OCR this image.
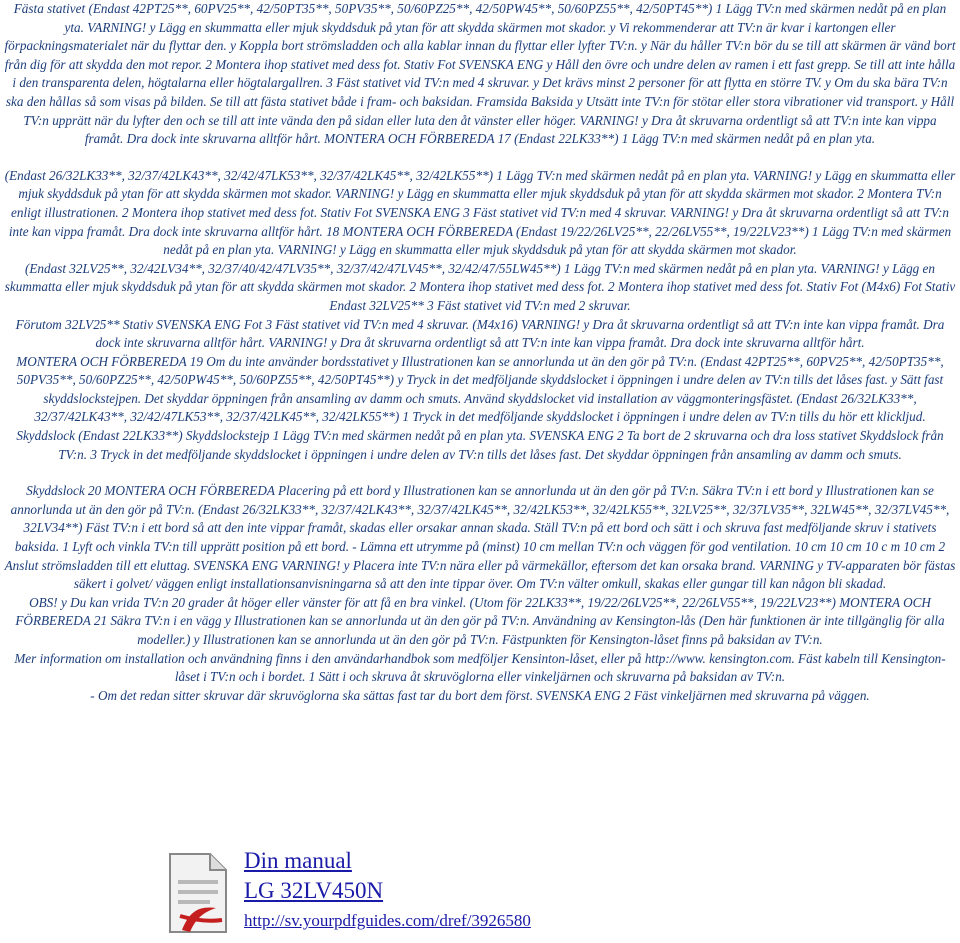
Fästa stativet (Endast 42PT25**, 60PV25**, 42/50PT35**, 50PV35**, 50/60PZ25**, 42/50PW45**, 50/60PZ55**, 42/50PT45**) 1 Lägg TV:n med skärmen nedåt på en plan yta. VARNING! y Lägg en skummatta eller mjuk skyddsduk på ytan för att skydda skärmen mot skador. y Vi rekommenderar att TV:n är kvar i kartongen eller förpackningsmaterialet när du flyttar den. y Koppla bort strömsladden och alla kablar innan du flyttar eller lyfter TV:n. y När du håller TV:n bör du se till att skärmen är vänd bort från dig för att skydda den mot repor. 2 Montera ihop stativet med dess fot. Stativ Fot SVENSKA ENG y Håll den övre och undre delen av ramen i ett fast grepp. Se till att inte hålla i den transparenta delen, högtalarna eller högtalargallren. 3 Fäst stativet vid TV:n med 4 skruvar. y Det krävs minst 2 personer för att flytta en större TV. y Om du ska bära TV:n ska den hållas så som visas på bilden. Se till att fästa stativet både i fram- och baksidan. Framsida Baksida y Utsätt inte TV:n för stötar eller stora vibrationer vid transport. y Håll TV:n upprätt när du lyfter den och se till att inte vända den på sidan eller luta den åt vänster eller höger. VARNING! y Dra åt skruvarna ordentligt så att TV:n inte kan vippa framåt. Dra dock inte skruvarna alltför hårt. MONTERA OCH FÖRBEREDA 17 (Endast 22LK33**) 1 Lägg TV:n med skärmen nedåt på en plan yta.

(Endast 26/32LK33**, 32/37/42LK43**, 32/42/47LK53**, 32/37/42LK45**, 32/42LK55**) 1 Lägg TV:n med skärmen nedåt på en plan yta. VARNING! y Lägg en skummatta eller mjuk skyddsduk på ytan för att skydda skärmen mot skador. VARNING! y Lägg en skummatta eller mjuk skyddsduk på ytan för att skydda skärmen mot skador. 2 Montera TV:n enligt illustrationen. 2 Montera ihop stativet med dess fot. Stativ Fot SVENSKA ENG 3 Fäst stativet vid TV:n med 4 skruvar. VARNING! y Dra åt skruvarna ordentligt så att TV:n inte kan vippa framåt. Dra dock inte skruvarna alltför hårt. 18 MONTERA OCH FÖRBEREDA (Endast 19/22/26LV25**, 22/26LV55**, 19/22LV23**) 1 Lägg TV:n med skärmen nedåt på en plan yta. VARNING! y Lägg en skummatta eller mjuk skyddsduk på ytan för att skydda skärmen mot skador.

(Endast 32LV25**, 32/42LV34**, 32/37/40/42/47LV35**, 32/37/42/47LV45**, 32/42/47/55LW45**) 1 Lägg TV:n med skärmen nedåt på en plan yta. VARNING! y Lägg en skummatta eller mjuk skyddsduk på ytan för att skydda skärmen mot skador. 2 Montera ihop stativet med dess fot. 2 Montera ihop stativet med dess fot. Stativ Fot (M4x6) Fot Stativ Endast 32LV25** 3 Fäst stativet vid TV:n med 2 skruvar.

Förutom 32LV25** Stativ SVENSKA ENG Fot 3 Fäst stativet vid TV:n med 4 skruvar. (M4x16) VARNING! y Dra åt skruvarna ordentligt så att TV:n inte kan vippa framåt. Dra dock inte skruvarna alltför hårt. VARNING! y Dra åt skruvarna ordentligt så att TV:n inte kan vippa framåt. Dra dock inte skruvarna alltför hårt.

MONTERA OCH FÖRBEREDA 19 Om du inte använder bordsstativet y Illustrationen kan se annorlunda ut än den gör på TV:n. (Endast 42PT25**, 60PV25**, 42/50PT35**, 50PV35**, 50/60PZ25**, 42/50PW45**, 50/60PZ55**, 42/50PT45**) y Tryck in det medföljande skyddslocket i öppningen i undre delen av TV:n tills det låses fast. y Sätt fast skyddslockstejpen. Det skyddar öppningen från ansamling av damm och smuts. Använd skyddslocket vid installation av väggmonteringsfästet. (Endast 26/32LK33**, 32/37/42LK43**, 32/42/47LK53**, 32/37/42LK45**, 32/42LK55**) 1 Tryck in det medföljande skyddslocket i öppningen i undre delen av TV:n tills du hör ett klickljud. Skyddslock (Endast 22LK33**) Skyddslockstejp 1 Lägg TV:n med skärmen nedåt på en plan yta. SVENSKA ENG 2 Ta bort de 2 skruvarna och dra loss stativet Skyddslock från TV:n. 3 Tryck in det medföljande skyddslocket i öppningen i undre delen av TV:n tills det låses fast. Det skyddar öppningen från ansamling av damm och smuts.

Skyddslock 20 MONTERA OCH FÖRBEREDA Placering på ett bord y Illustrationen kan se annorlunda ut än den gör på TV:n. Säkra TV:n i ett bord y Illustrationen kan se annorlunda ut än den gör på TV:n. (Endast 26/32LK33**, 32/37/42LK43**, 32/37/42LK45**, 32/42LK53**, 32/42LK55**, 32LV25**, 32/37LV35**, 32LW45**, 32/37LV45**, 32LV34**) Fäst TV:n i ett bord så att den inte vippar framåt, skadas eller orsakar annan skada. Ställ TV:n på ett bord och sätt i och skruva fast medföljande skruv i stativets baksida. 1 Lyft och vinkla TV:n till upprätt position på ett bord. - Lämna ett utrymme på (minst) 10 cm mellan TV:n och väggen för god ventilation. 10 cm 10 cm 10 c m 10 cm 2 Anslut strömsladden till ett eluttag. SVENSKA ENG VARNING! y Placera inte TV:n nära eller på värmekällor, eftersom det kan orsaka brand. VARNING y TV-apparaten bör fästas säkert i golvet/ väggen enligt installationsanvisningarna så att den inte tippar över. Om TV:n välter omkull, skakas eller gungar till kan någon bli skadad.

OBS! y Du kan vrida TV:n 20 grader åt höger eller vänster för att få en bra vinkel. (Utom för 22LK33**, 19/22/26LV25**, 22/26LV55**, 19/22LV23**) MONTERA OCH FÖRBEREDA 21 Säkra TV:n i en vägg y Illustrationen kan se annorlunda ut än den gör på TV:n. Användning av Kensington-lås (Den här funktionen är inte tillgänglig för alla modeller.) y Illustrationen kan se annorlunda ut än den gör på TV:n. Fästpunkten för Kensington-låset finns på baksidan av TV:n.

Mer information om installation och användning finns i den användarhandbok som medföljer Kensinton-låset, eller på http://www. kensington.com. Fäst kabeln till Kensington-låset i TV:n och i bordet. 1 Sätt i och skruva åt skruvöglorna eller vinkeljärnen och skruvarna på baksidan av TV:n.

- Om det redan sitter skruvar där skruvöglorna ska sättas fast tar du bort dem först. SVENSKA ENG 2 Fäst vinkeljärnen med skruvarna på väggen.

Din manual
LG 32LV450N
http://sv.yourpdfguides.com/dref/3926580
